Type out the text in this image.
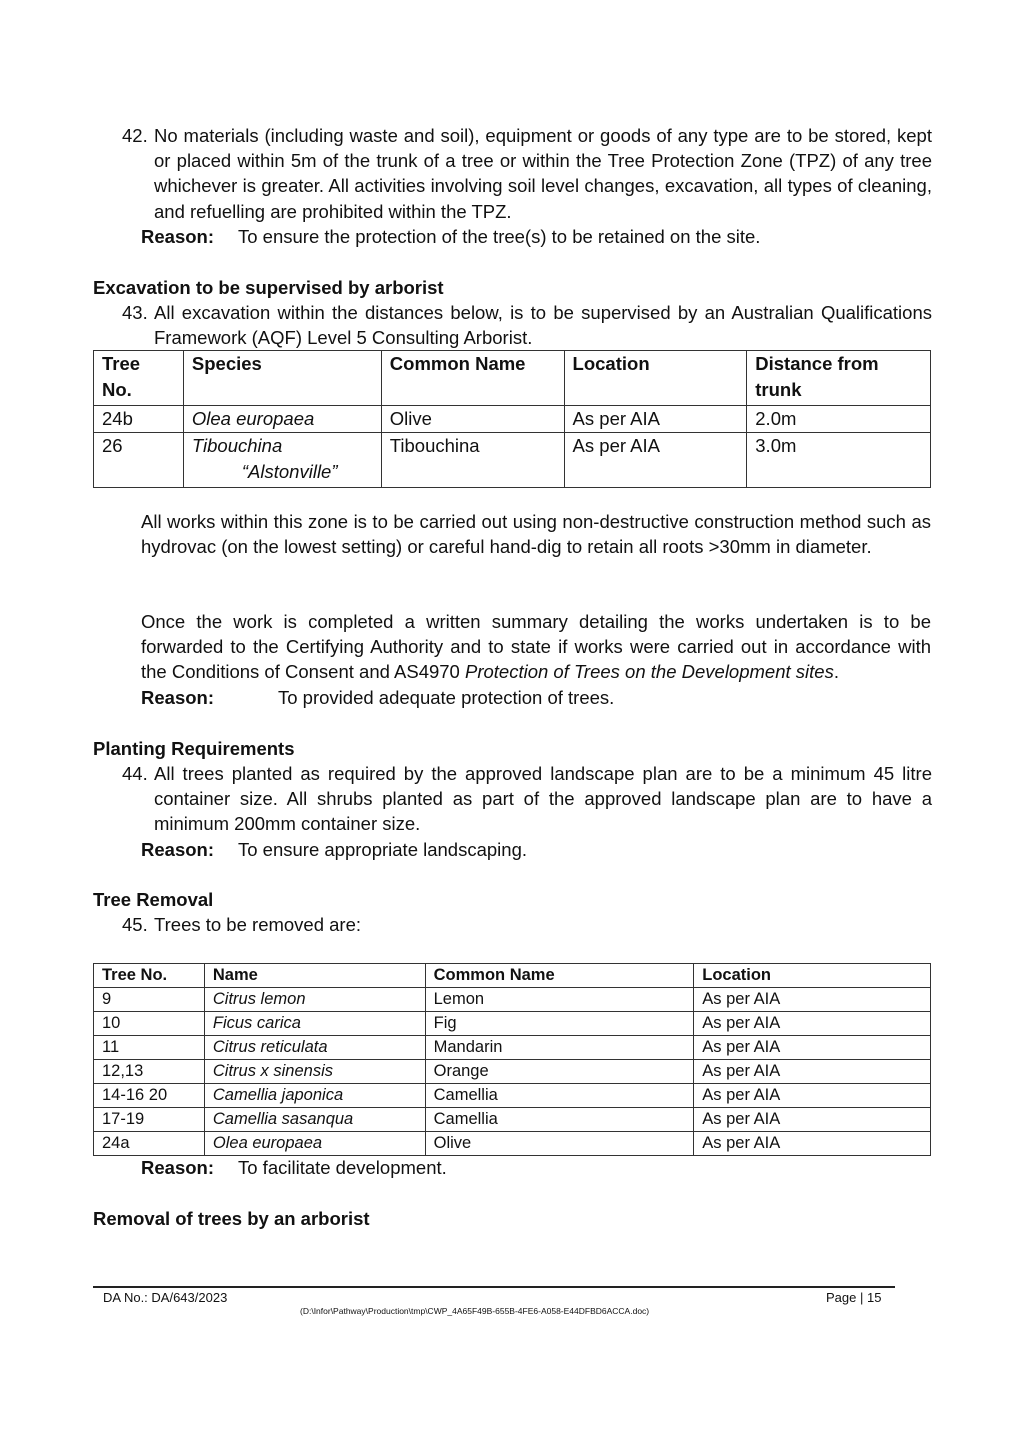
42. No materials (including waste and soil), equipment or goods of any type are to be stored, kept or placed within 5m of the trunk of a tree or within the Tree Protection Zone (TPZ) of any tree whichever is greater. All activities involving soil level changes, excavation, all types of cleaning, and refuelling are prohibited within the TPZ.
Reason: To ensure the protection of the tree(s) to be retained on the site.
Excavation to be supervised by arborist
43. All excavation within the distances below, is to be supervised by an Australian Qualifications Framework (AQF) Level 5 Consulting Arborist.
Tree No.	Species	Common Name	Location	Distance from trunk
24b	Olea europaea	Olive	As per AIA	2.0m
26	Tibouchina
“Alstonville”	Tibouchina	As per AIA	3.0m
All works within this zone is to be carried out using non-destructive construction method such as hydrovac (on the lowest setting) or careful hand-dig to retain all roots >30mm in diameter.
Once the work is completed a written summary detailing the works undertaken is to be forwarded to the Certifying Authority and to state if works were carried out in accordance with the Conditions of Consent and AS4970 Protection of Trees on the Development sites.
Reason:	To provided adequate protection of trees.
Planting Requirements
44. All trees planted as required by the approved landscape plan are to be a minimum 45 litre container size. All shrubs planted as part of the approved landscape plan are to have a minimum 200mm container size.
Reason: To ensure appropriate landscaping.
Tree Removal
45. Trees to be removed are:
Tree No.	Name	Common Name	Location
9	Citrus lemon	Lemon	As per AIA
10	Ficus carica	Fig	As per AIA
11	Citrus reticulata	Mandarin	As per AIA
12,13	Citrus x sinensis	Orange	As per AIA
14-16 20	Camellia japonica	Camellia	As per AIA
17-19	Camellia sasanqua	Camellia	As per AIA
24a	Olea europaea	Olive	As per AIA
Reason: To facilitate development.
Removal of trees by an arborist
DA No.: DA/643/2023	Page | 15
(D:\Infor\Pathway\Production\tmp\CWP_4A65F49B-655B-4FE6-A058-E44DFBD6ACCA.doc)
